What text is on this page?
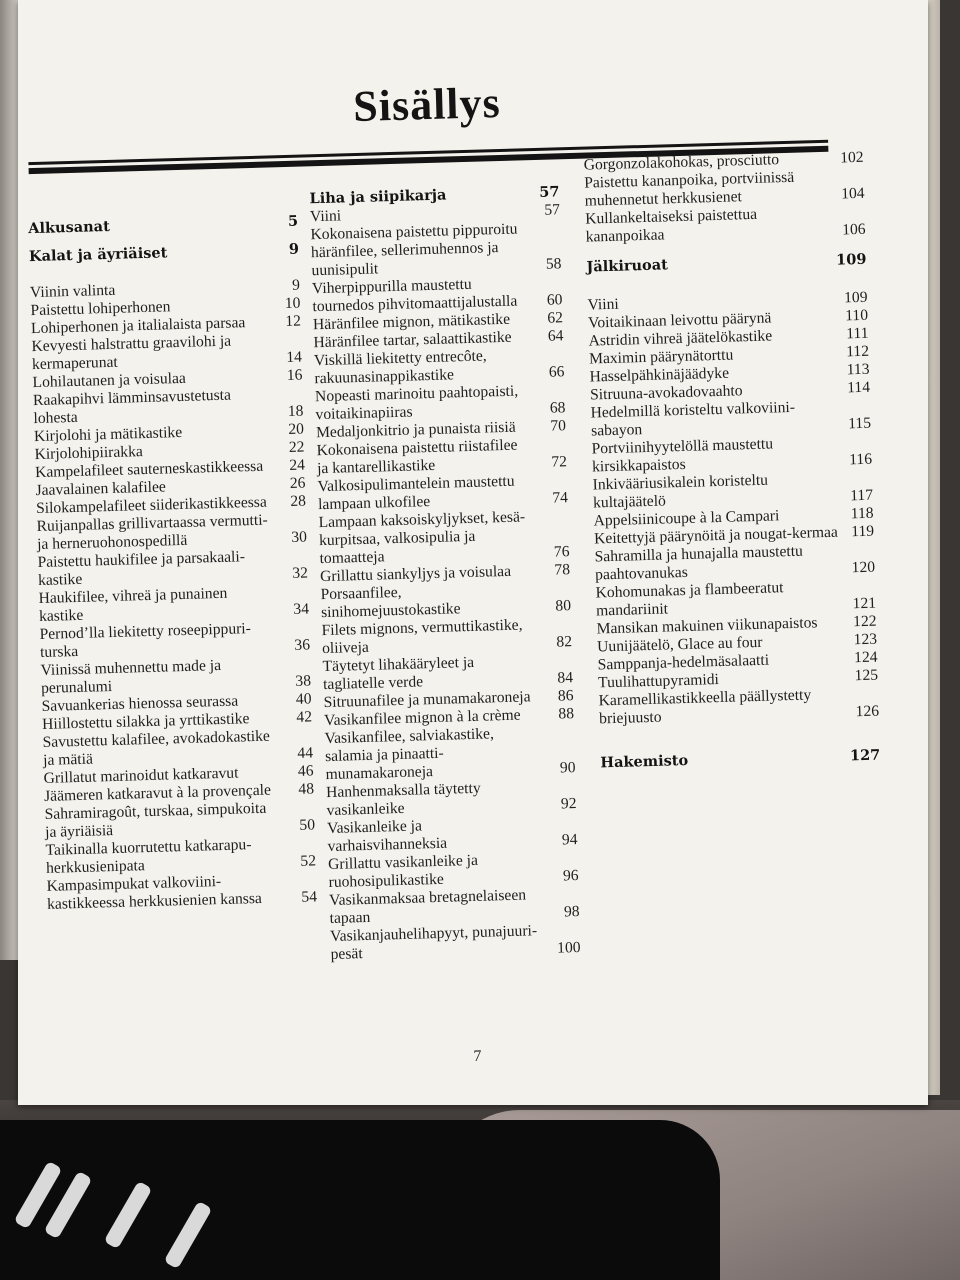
Sisällys
Alkusanat	5
Kalat ja äyriäiset	9
Viinin valinta	9
Paistettu lohiperhonen	10
Lohiperhonen ja italialaista parsaa	12
Kevyesti halstrattu graavilohi ja kermaperunat	14
Lohilautanen ja voisulaa	16
Raakapihvi lämminsavustetusta lohesta	18
Kirjolohi ja mätikastike	20
Kirjolohipiirakka	22
Kampelafileet sauterneskastikkeessa	24
Jaavalainen kalafilee	26
Silokampelafileet siiderikastikkeessa	28
Ruijanpallas grillivartaassa vermutti-ja herneruohonospedillä	30
Paistettu haukifilee ja parsakaali-kastike	32
Haukifilee, vihreä ja punainen kastike	34
Pernod’lla liekitetty roseepippuri-turska	36
Viinissä muhennettu made ja perunalumi	38
Savuankerias hienossa seurassa	40
Hiillostettu silakka ja yrttikastike	42
Savustettu kalafilee, avokadokastike ja mätiä	44
Grillatut marinoidut katkaravut	46
Jäämeren katkaravut à la provençale	48
Sahramiragoût, turskaa, simpukoita ja äyriäisiä	50
Taikinalla kuorrutettu katkarapu-herkkusienipata	52
Kampasimpukat valkoviini-kastikkeessa herkkusienien kanssa	54
Liha ja siipikarja	57
Viini	57
Kokonaisena paistettu pippuroitu häränfilee, sellerimuhennos ja uunisipulit	58
Viherpippurilla maustettu tournedos pihvitomaattijalustalla	60
Häränfilee mignon, mätikastike	62
Häränfilee tartar, salaattikastike	64
Viskillä liekitetty entrecôte, rakuunasinappikastike	66
Nopeasti marinoitu paahtopaisti, voitaikinapiiras	68
Medaljonkitrio ja punaista riisiä	70
Kokonaisena paistettu riistafilee ja kantarellikastike	72
Valkosipulimantelein maustettu lampaan ulkofilee	74
Lampaan kaksoiskyljykset, kesä-kurpitsaa, valkosipulia ja tomaatteja	76
Grillattu siankyljys ja voisulaa	78
Porsaanfilee, sinihomejuustokastike	80
Filets mignons, vermuttikastike, oliiveja	82
Täytetyt lihakääryleet ja tagliatelle verde	84
Sitruunafilee ja munamakaroneja	86
Vasikanfilee mignon à la crème	88
Vasikanfilee, salviakastike, salamia ja pinaatti-munamakaroneja	90
Hanhenmaksalla täytetty vasikanleike	92
Vasikanleike ja varhaisvihanneksia	94
Grillattu vasikanleike ja ruohosipulikastike	96
Vasikanmaksaa bretagnelaiseen tapaan	98
Vasikanjauhelihapyyt, punajuuri-pesät	100
Gorgonzolakohokas, prosciutto	102
Paistettu kananpoika, portviinissä muhennetut herkkusienet	104
Kullankeltaiseksi paistettua kananpoikaa	106
Jälkiruoat	109
Viini	109
Voitaikinaan leivottu päärynä	110
Astridin vihreä jäätelökastike	111
Maximin päärynätorttu	112
Hasselpähkinäjäädyke	113
Sitruuna-avokadovaahto	114
Hedelmillä koristeltu valkoviini-sabayon	115
Portviinihyytelöllä maustettu kirsikkapaistos	116
Inkivääriusikalein koristeltu kultajäätelö	117
Appelsiinicoupe à la Campari	118
Keitettyjä päärynöitä ja nougat-kermaa 119
Sahramilla ja hunajalla maustettu paahtovanukas	120
Kohomunakas ja flambeeratut mandariinit	121
Mansikan makuinen viikunapaistos	122
Uunijäätelö, Glace au four	123
Samppanja-hedelmäsalaatti	124
Tuulihattupyramidi	125
Karamellikastikkeella päällystetty briejuusto	126
Hakemisto	127
7
